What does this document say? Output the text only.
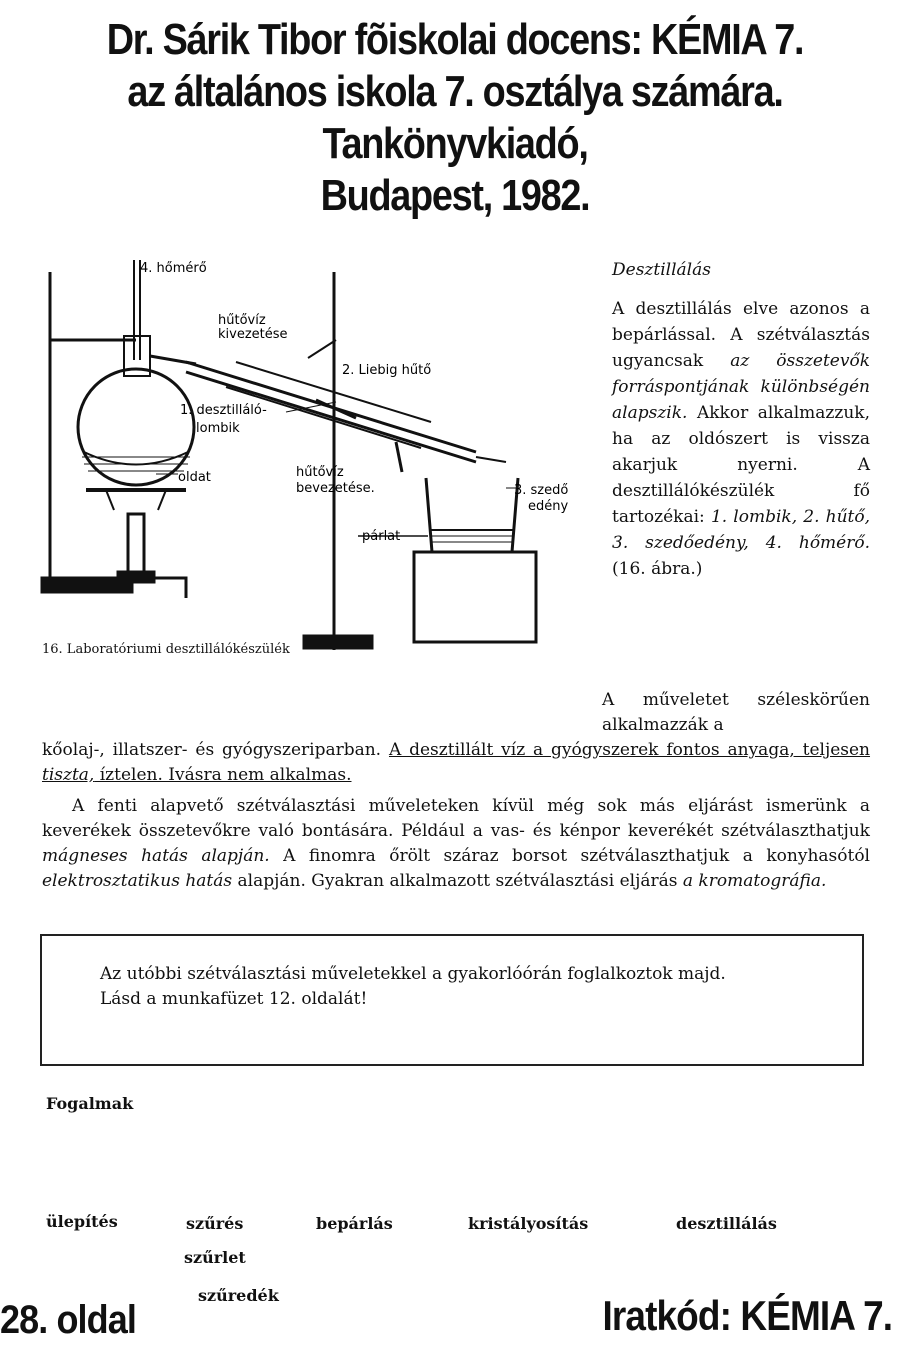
Dr. Sárik Tibor fõiskolai docens: KÉMIA 7.
az általános iskola 7. osztálya számára.
Tankönyvkiadó,
Budapest, 1982.
4. hőmérő
hűtővíz
kivezetése
2. Liebig hűtő
1. desztilláló-
lombik
oldat	hűtővíz
bevezetése.	3. szedő
edény
párlat
16. Laboratóriumi desztillálókészülék
Desztillálás
A desztillálás elve azonos a bepárlással. A szétválasztás ugyancsak az összetevők forráspontjának különbségén alapszik. Akkor alkalmazzuk, ha az oldószert is vissza akarjuk nyerni. A desztillálókészülék fő tartozékai: 1. lombik, 2. hűtő, 3. szedőedény, 4. hőmérő. (16. ábra.)

A műveletet széleskörűen alkalmazzák a

kőolaj-, illatszer- és gyógyszeriparban. A desztillált víz a gyógyszerek fontos anyaga, teljesen tiszta, íztelen. Ivásra nem alkalmas.

A fenti alapvető szétválasztási műveleteken kívül még sok más eljárást ismerünk a keverékek összetevőkre való bontására. Például a vas- és kénpor keverékét szétválaszthatjuk mágneses hatás alapján. A finomra őrölt száraz borsot szétválaszthatjuk a konyhasótól elektrosztatikus hatás alapján. Gyakran alkalmazott szétválasztási eljárás a kromatográfia.

Az utóbbi szétválasztási műveletekkel a gyakorlóórán foglalkoztok majd.
Lásd a munkafüzet 12. oldalát!
Fogalmak
ülepítés	szűrés
szűrlet
szűredék
bepárlás	kristályosítás	desztillálás
28. oldal	Iratkód: KÉMIA 7.
